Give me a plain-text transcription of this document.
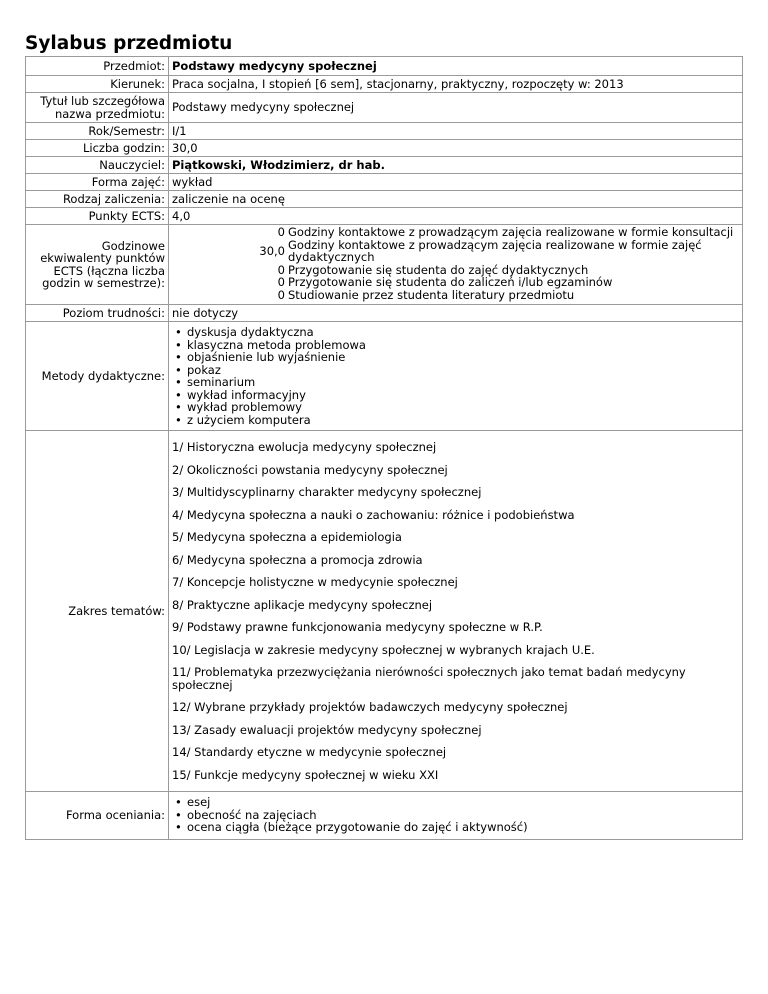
Sylabus przedmiotu
Przedmiot:	Podstawy medycyny społecznej
Kierunek:	Praca socjalna, I stopień [6 sem], stacjonarny, praktyczny, rozpoczęty w: 2013

Tytuł lub szczegółowa
nazwa przedmiotu:	Podstawy medycyny społecznej
Rok/Semestr:	I/1
Liczba godzin:	30,0
Nauczyciel:	Piątkowski, Włodzimierz, dr hab.
Forma zajęć:	wykład
Rodzaj zaliczenia:	zaliczenie na ocenę
Punkty ECTS:	4,0

Godzinowe
ekwiwalenty punktów
ECTS (łączna liczba
godzin w semestrze):

0	Godziny kontaktowe z prowadzącym zajęcia realizowane w formie konsultacji
30,0	Godziny kontaktowe z prowadzącym zajęcia realizowane w formie zajęć dydaktycznych
0	Przygotowanie się studenta do zajęć dydaktycznych
0	Przygotowanie się studenta do zaliczeń i/lub egzaminów
0	Studiowanie przez studenta literatury przedmiotu

Poziom trudności:	nie dotyczy
Metody dydaktyczne:	
• dyskusja dydaktyczna
• klasyczna metoda problemowa
• objaśnienie lub wyjaśnienie
• pokaz
• seminarium
• wykład informacyjny
• wykład problemowy
• z użyciem komputera

Zakres tematów:	
1/ Historyczna ewolucja medycyny społecznej
2/ Okoliczności powstania medycyny społecznej
3/ Multidyscyplinarny charakter medycyny społecznej
4/ Medycyna społeczna a nauki o zachowaniu: różnice i podobieństwa
5/ Medycyna społeczna a epidemiologia
6/ Medycyna społeczna a promocja zdrowia
7/ Koncepcje holistyczne w medycynie społecznej
8/ Praktyczne aplikacje medycyny społecznej
9/ Podstawy prawne funkcjonowania medycyny społeczne w R.P.
10/ Legislacja w zakresie medycyny społecznej w wybranych krajach U.E.
11/ Problematyka przezwyciężania nierówności społecznych jako temat badań medycyny społecznej
12/ Wybrane przykłady projektów badawczych medycyny społecznej
13/ Zasady ewaluacji projektów medycyny społecznej
14/ Standardy etyczne w medycynie społecznej
15/ Funkcje medycyny społecznej w wieku XXI

Forma oceniania:	
• esej
• obecność na zajęciach
• ocena ciągła (bieżące przygotowanie do zajęć i aktywność)
